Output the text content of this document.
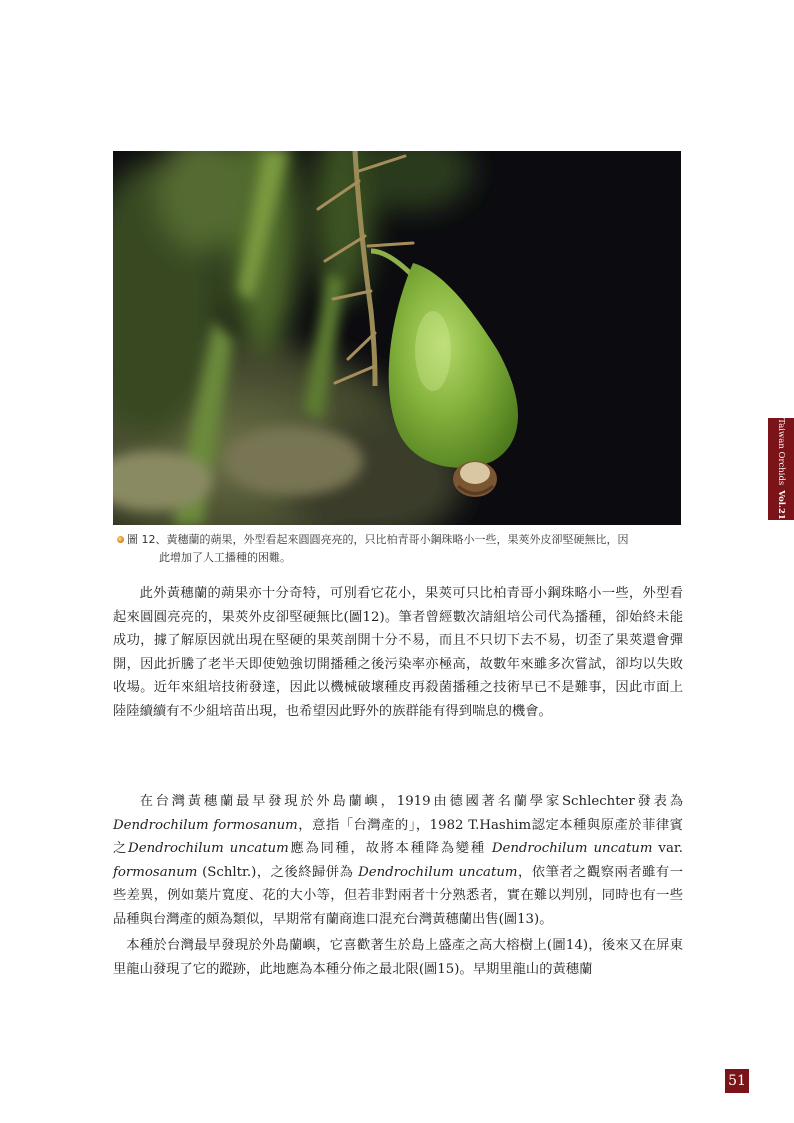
圖 12、黃穗蘭的蒴果，外型看起來圓圓亮亮的，只比柏青哥小鋼珠略小一些，果莢外皮卻堅硬無比，因
此增加了人工播種的困難。

此外黃穗蘭的蒴果亦十分奇特，可別看它花小，果莢可只比柏青哥小鋼珠略小一些，外型看起來圓圓亮亮的，果莢外皮卻堅硬無比(圖12)。筆者曾經數次請組培公司代為播種，卻始終未能成功，據了解原因就出現在堅硬的果莢剖開十分不易，而且不只切下去不易，切歪了果莢還會彈開，因此折騰了老半天即使勉強切開播種之後污染率亦極高，故數年來雖多次嘗試，卻均以失敗收場。近年來組培技術發達，因此以機械破壞種皮再殺菌播種之技術早已不是難事，因此市面上陸陸續續有不少組培苗出現，也希望因此野外的族群能有得到喘息的機會。

在台灣黃穗蘭最早發現於外島蘭嶼，1919由德國著名蘭學家Schlechter發表為Dendrochilum formosanum，意指「台灣產的」，1982 T.Hashim認定本種與原產於菲律賓之Dendrochilum uncatum應為同種，故將本種降為變種 Dendrochilum uncatum var. formosanum (Schltr.)，之後終歸併為 Dendrochilum uncatum，依筆者之觀察兩者雖有一些差異，例如葉片寬度、花的大小等，但若非對兩者十分熟悉者，實在難以判別，同時也有一些品種與台灣產的頗為類似，早期常有蘭商進口混充台灣黃穗蘭出售(圖13)。

本種於台灣最早發現於外島蘭嶼，它喜歡著生於島上盛產之高大榕樹上(圖14)，後來又在屏東里龍山發現了它的蹤跡，此地應為本種分佈之最北限(圖15)。早期里龍山的黃穗蘭

Taiwan OrchidsVol.21
51
